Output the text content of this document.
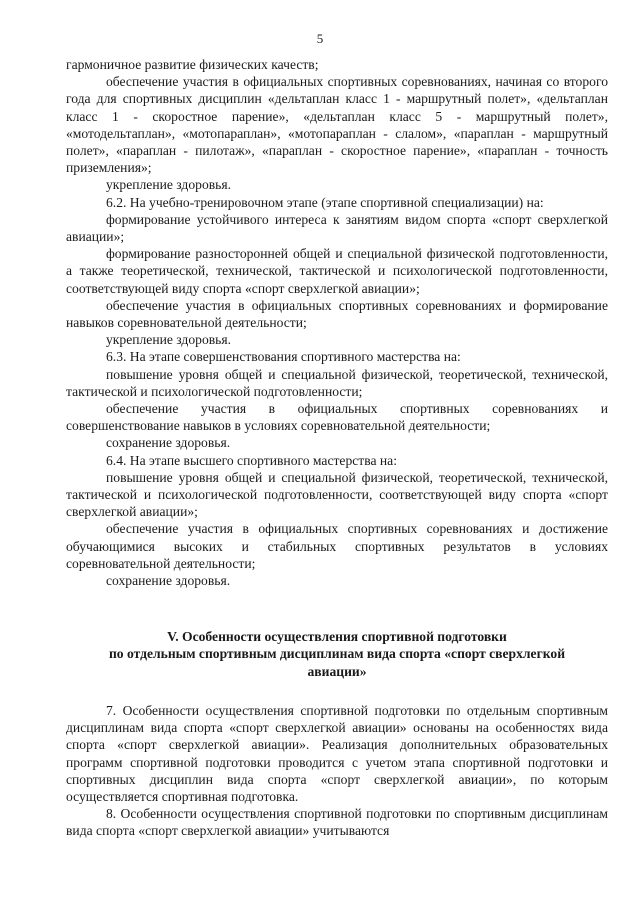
5

гармоничное развитие физических качеств;

обеспечение участия в официальных спортивных соревнованиях, начиная со второго года для спортивных дисциплин «дельтаплан класс 1 - маршрутный полет», «дельтаплан класс 1 - скоростное парение», «дельтаплан класс 5 - маршрутный полет», «мотодельтаплан», «мотопараплан», «мотопараплан - слалом», «параплан - маршрутный полет», «параплан - пилотаж», «параплан - скоростное парение», «параплан - точность приземления»;

укрепление здоровья.

6.2. На учебно-тренировочном этапе (этапе спортивной специализации) на:

формирование устойчивого интереса к занятиям видом спорта «спорт сверхлегкой авиации»;

формирование разносторонней общей и специальной физической подготовленности, а также теоретической, технической, тактической и психологической подготовленности, соответствующей виду спорта «спорт сверхлегкой авиации»;

обеспечение участия в официальных спортивных соревнованиях и формирование навыков соревновательной деятельности;

укрепление здоровья.

6.3. На этапе совершенствования спортивного мастерства на:

повышение уровня общей и специальной физической, теоретической, технической, тактической и психологической подготовленности;

обеспечение участия в официальных спортивных соревнованиях и совершенствование навыков в условиях соревновательной деятельности;

сохранение здоровья.

6.4. На этапе высшего спортивного мастерства на:

повышение уровня общей и специальной физической, теоретической, технической, тактической и психологической подготовленности, соответствующей виду спорта «спорт сверхлегкой авиации»;

обеспечение участия в официальных спортивных соревнованиях и достижение обучающимися высоких и стабильных спортивных результатов в условиях соревновательной деятельности;

сохранение здоровья.

V. Особенности осуществления спортивной подготовки
по отдельным спортивным дисциплинам вида спорта «спорт сверхлегкой
авиации»

7. Особенности осуществления спортивной подготовки по отдельным спортивным дисциплинам вида спорта «спорт сверхлегкой авиации» основаны на особенностях вида спорта «спорт сверхлегкой авиации». Реализация дополнительных образовательных программ спортивной подготовки проводится с учетом этапа спортивной подготовки и спортивных дисциплин вида спорта «спорт сверхлегкой авиации», по которым осуществляется спортивная подготовка.

8. Особенности осуществления спортивной подготовки по спортивным дисциплинам вида спорта «спорт сверхлегкой авиации» учитываются
